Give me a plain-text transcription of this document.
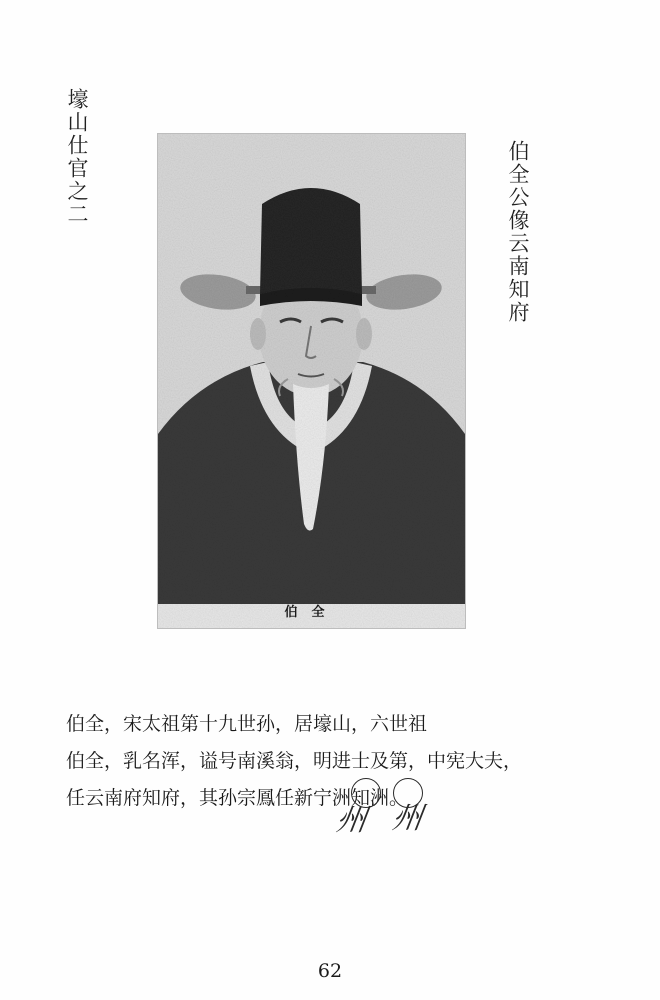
壕山仕官之二	伯全公像云南知府
伯全

伯全，宋太祖第十九世孙，居壕山，六世祖

伯全，乳名浑，谥号南溪翁，明进士及第，中宪大夫，

任云南府知府，其孙宗鳳任新宁洲知洲。

州 州
62
